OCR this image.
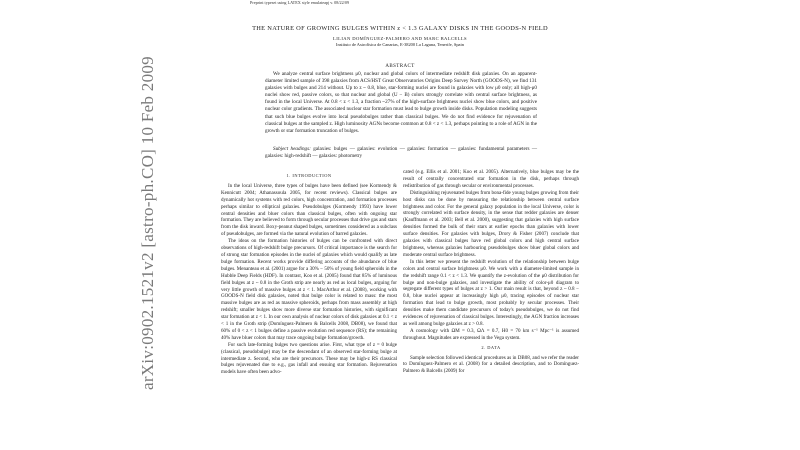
Preprint typeset using LATEX style emulateapj v. 08/22/09
THE NATURE OF GROWING BULGES WITHIN z < 1.3 GALAXY DISKS IN THE GOODS-N FIELD
LILIAN DOMÍNGUEZ-PALMERO AND MARC BALCELLS
Instituto de Astrofísica de Canarias, E-38200 La Laguna, Tenerife, Spain
ABSTRACT
We analyze central surface brightness μ0, nuclear and global colors of intermediate redshift disk galaxies. On an apparent-diameter limited sample of 398 galaxies from ACS/HST Great Observatories Origins Deep Survey North (GOODS-N), we find 131 galaxies with bulges and 214 without. Up to z ~ 0.8, blue, star-forming nuclei are found in galaxies with low μ0 only; all high-μ0 nuclei show red, passive colors, so that nuclear and global (U − B) colors strongly correlate with central surface brightness, as found in the local Universe. At 0.8 < z < 1.3, a fraction ~27% of the high-surface brightness nuclei show blue colors, and positive nuclear color gradients. The associated nuclear star formation must lead to bulge growth inside disks. Population modeling suggests that such blue bulges evolve into local pseudobulges rather than classical bulges. We do not find evidence for rejuvenation of classical bulges at the sampled z. High luminosity AGNs become common at 0.8 < z < 1.3, perhaps pointing to a role of AGN in the growth or star formation truncation of bulges.
Subject headings: galaxies: bulges — galaxies: evolution — galaxies: formation — galaxies: fundamental parameters — galaxies: high-redshift — galaxies: photometry
1. INTRODUCTION

In the local Universe, three types of bulges have been defined (see Kormendy & Kennicutt 2004; Athanassoula 2005, for recent reviews). Classical bulges are dynamically hot systems with red colors, high concentration, and formation processes perhaps similar to elliptical galaxies. Pseudobulges (Kormendy 1993) have lower central densities and bluer colors than classical bulges, often with ongoing star formation. They are believed to form through secular processes that drive gas and stars from the disk inward. Boxy-peanut shaped bulges, sometimes considered as a subclass of pseudobulges, are formed via the natural evolution of barred galaxies.

The ideas on the formation histories of bulges can be confronted with direct observations of high-redshift bulge precursors. Of critical importance is the search for of strong star formation episodes in the nuclei of galaxies which would qualify as late bulge formation. Recent works provide differing accounts of the abundance of blue bulges. Menanteau et al. (2001) argue for a 30% − 50% of young field spheroids in the Hubble Deep Fields (HDF). In contrast, Koo et al. (2005) found that 85% of luminous field bulges at z ~ 0.8 in the Groth strip are nearly as red as local bulges, arguing for very little growth of massive bulges at z < 1. MacArthur et al. (2008), working with GOODS-N field disk galaxies, noted that bulge color is related to mass: the most massive bulges are as red as massive spheroids, perhaps from mass assembly at high redshift; smaller bulges show more diverse star formation histories, with significant star formation at z < 1. In our own analysis of nuclear colors of disk galaxies at 0.1 < z < 1 in the Groth strip (Domínguez-Palmero & Balcells 2008, DB08), we found that 60% of 0 < z < 1 bulges define a passive evolution red sequence (RS); the remaining 40% have bluer colors that may trace ongoing bulge formation/growth.

For such late-forming bulges two questions arise. First, what type of z = 0 bulge (classical, pseudobulge) may be the descendant of an observed star-forming bulge at intermediate z. Second, who are their precursors. These may be high-z RS classical bulges rejuvenated due to e.g., gas infall and ensuing star formation. Rejuvenation models have often been advo-

cated (e.g. Ellis et al. 2001; Koo et al. 2005). Alternatively, blue bulges may be the result of centrally concentrated star formation in the disk, perhaps through redistribution of gas through secular or environmental processes.

Distinguishing rejuvenated bulges from bona-fide young bulges growing from their host disks can be done by measuring the relationship between central surface brightness and color. For the general galaxy population in the local Universe, color is strongly correlated with surface density, in the sense that redder galaxies are denser (Kauffmann et al. 2003; Bell et al. 2000), suggesting that galaxies with high surface densities formed the bulk of their stars at earlier epochs than galaxies with lower surface densities. For galaxies with bulges, Drory & Fisher (2007) conclude that galaxies with classical bulges have red global colors and high central surface brightness, whereas galaxies harbouring pseudobulges show bluer global colors and moderate central surface brightness.

In this letter we present the redshift evolution of the relationship between bulge colors and central surface brightness μ0. We work with a diameter-limited sample in the redshift range 0.1 < z < 1.3. We quantify the z-evolution of the μ0 distribution for bulge and non-bulge galaxies, and investigate the ability of color-μ0 diagram to segregate different types of bulges at z > 1. Our main result is that, beyond z ~ 0.8 − 0.8, blue nuclei appear at increasingly high μ0, tracing episodes of nuclear star formation that lead to bulge growth, most probably by secular processes. Their densities make them candidate precursors of today's pseudobulges, we do not find evidences of rejuvenation of classical bulges. Interestingly, the AGN fraction increases as well among bulge galaxies at z > 0.8.

A cosmology with ΩM = 0.3, ΩΛ = 0.7, H0 = 70 km s⁻¹ Mpc⁻¹ is assumed throughout. Magnitudes are expressed in the Vega system.

2. DATA

Sample selection followed identical procedures as in DB08, and we refer the reader to Domínguez-Palmero et al. (2008) for a detailed description, and to Domínguez-Palmero & Balcells (2009) for

arXiv:0902.1521v2 [astro-ph.CO] 10 Feb 2009
